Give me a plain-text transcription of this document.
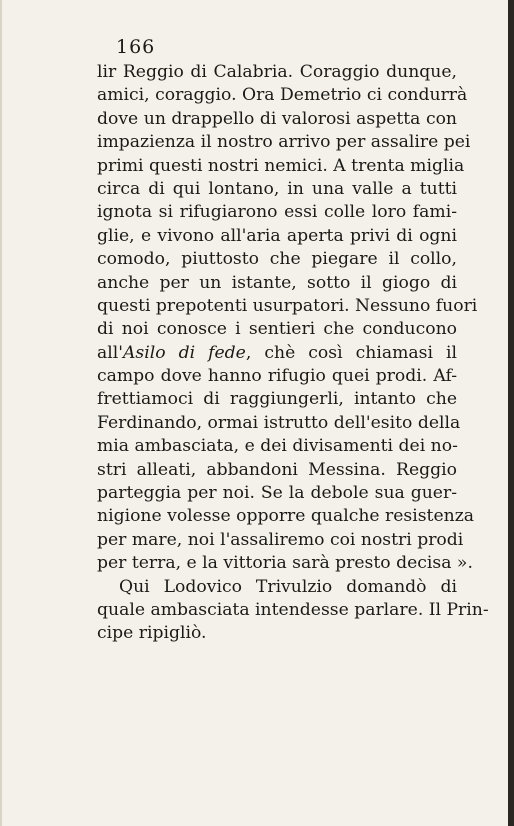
166
lir Reggio di Calabria. Coraggio dunque,
amici, coraggio. Ora Demetrio ci condurrà
dove un drappello di valorosi aspetta con
impazienza il nostro arrivo per assalire pei
primi questi nostri nemici. A trenta miglia
circa di qui lontano, in una valle a tutti
ignota si rifugiarono essi colle loro fami-
glie, e vivono all'aria aperta privi di ogni
comodo, piuttosto che piegare il collo,
anche per un istante, sotto il giogo di
questi prepotenti usurpatori. Nessuno fuori
di noi conosce i sentieri che conducono
all'Asilo di fede, chè così chiamasi il
campo dove hanno rifugio quei prodi. Af-
frettiamoci di raggiungerli, intanto che
Ferdinando, ormai istrutto dell'esito della
mia ambasciata, e dei divisamenti dei no-
stri alleati, abbandoni Messina. Reggio
parteggia per noi. Se la debole sua guer-
nigione volesse opporre qualche resistenza
per mare, noi l'assaliremo coi nostri prodi
per terra, e la vittoria sarà presto decisa ».
Qui Lodovico Trivulzio domandò di
quale ambasciata intendesse parlare. Il Prin-
cipe ripigliò.
